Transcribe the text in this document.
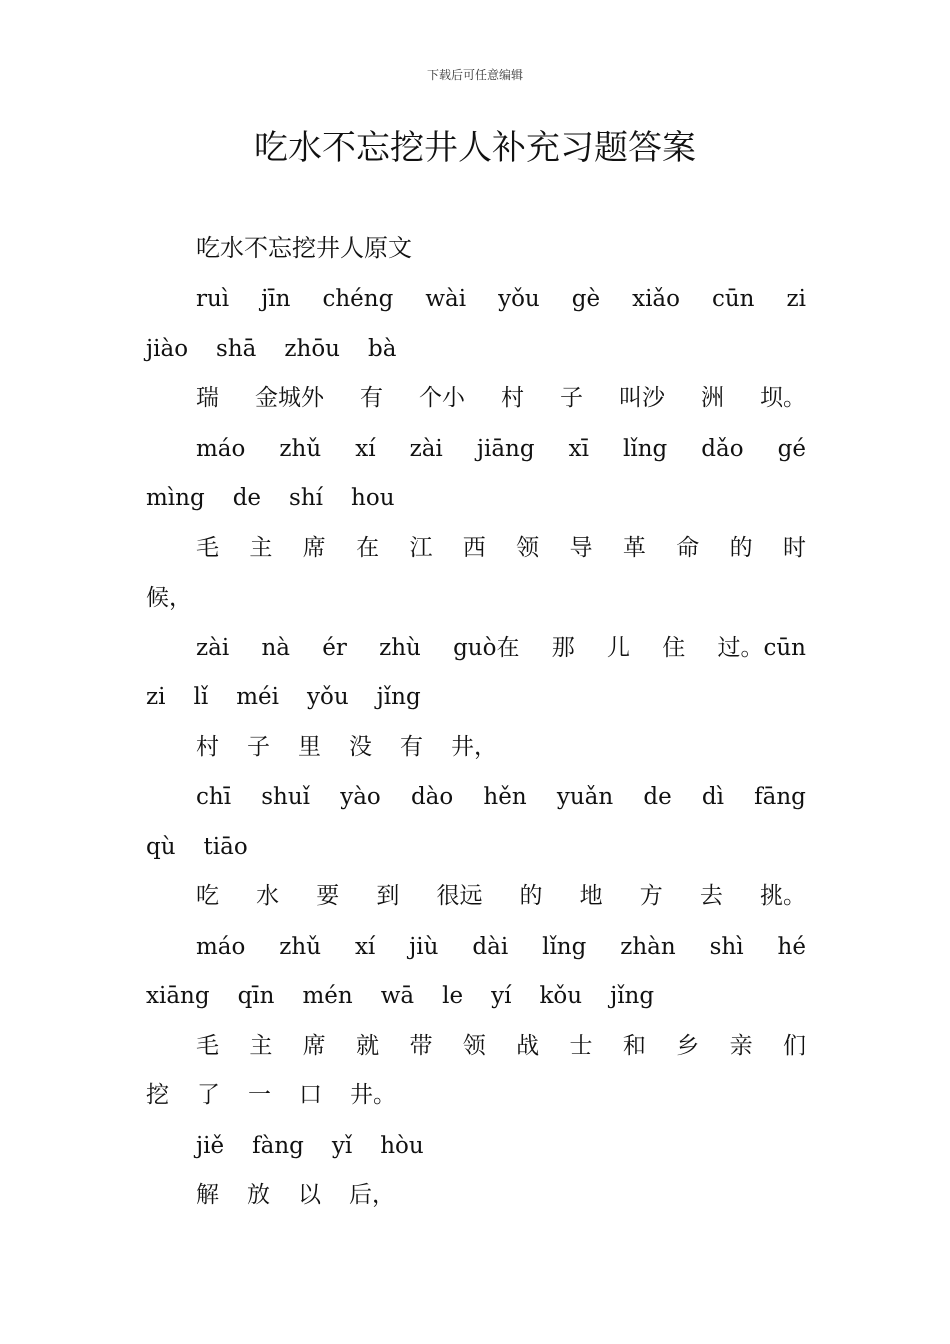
下载后可任意编辑
吃水不忘挖井人补充习题答案
吃水不忘挖井人原文
ruì jīn chéng wài yǒu gè xiǎo cūn zi
jiào shā zhōu bà
瑞 金城外 有 个小 村 子 叫沙 洲 坝。
máo zhǔ xí zài jiāng xī lǐng dǎo gé
mìng de shí hou
毛 主 席 在 江 西 领 导 革 命 的 时
候，
zài nà ér zhù guò在 那 儿 住 过。cūn
zi lǐ méi yǒu jǐng
村 子 里 没 有 井，
chī shuǐ yào dào hěn yuǎn de dì fāng
qù tiāo
吃 水 要 到 很远 的 地 方 去 挑。
máo zhǔ xí jiù dài lǐng zhàn shì hé
xiāng qīn mén wā le yí kǒu jǐng
毛 主 席 就 带 领 战 士 和 乡 亲 们
挖 了 一 口 井。
jiě fàng yǐ hòu
解 放 以 后，
